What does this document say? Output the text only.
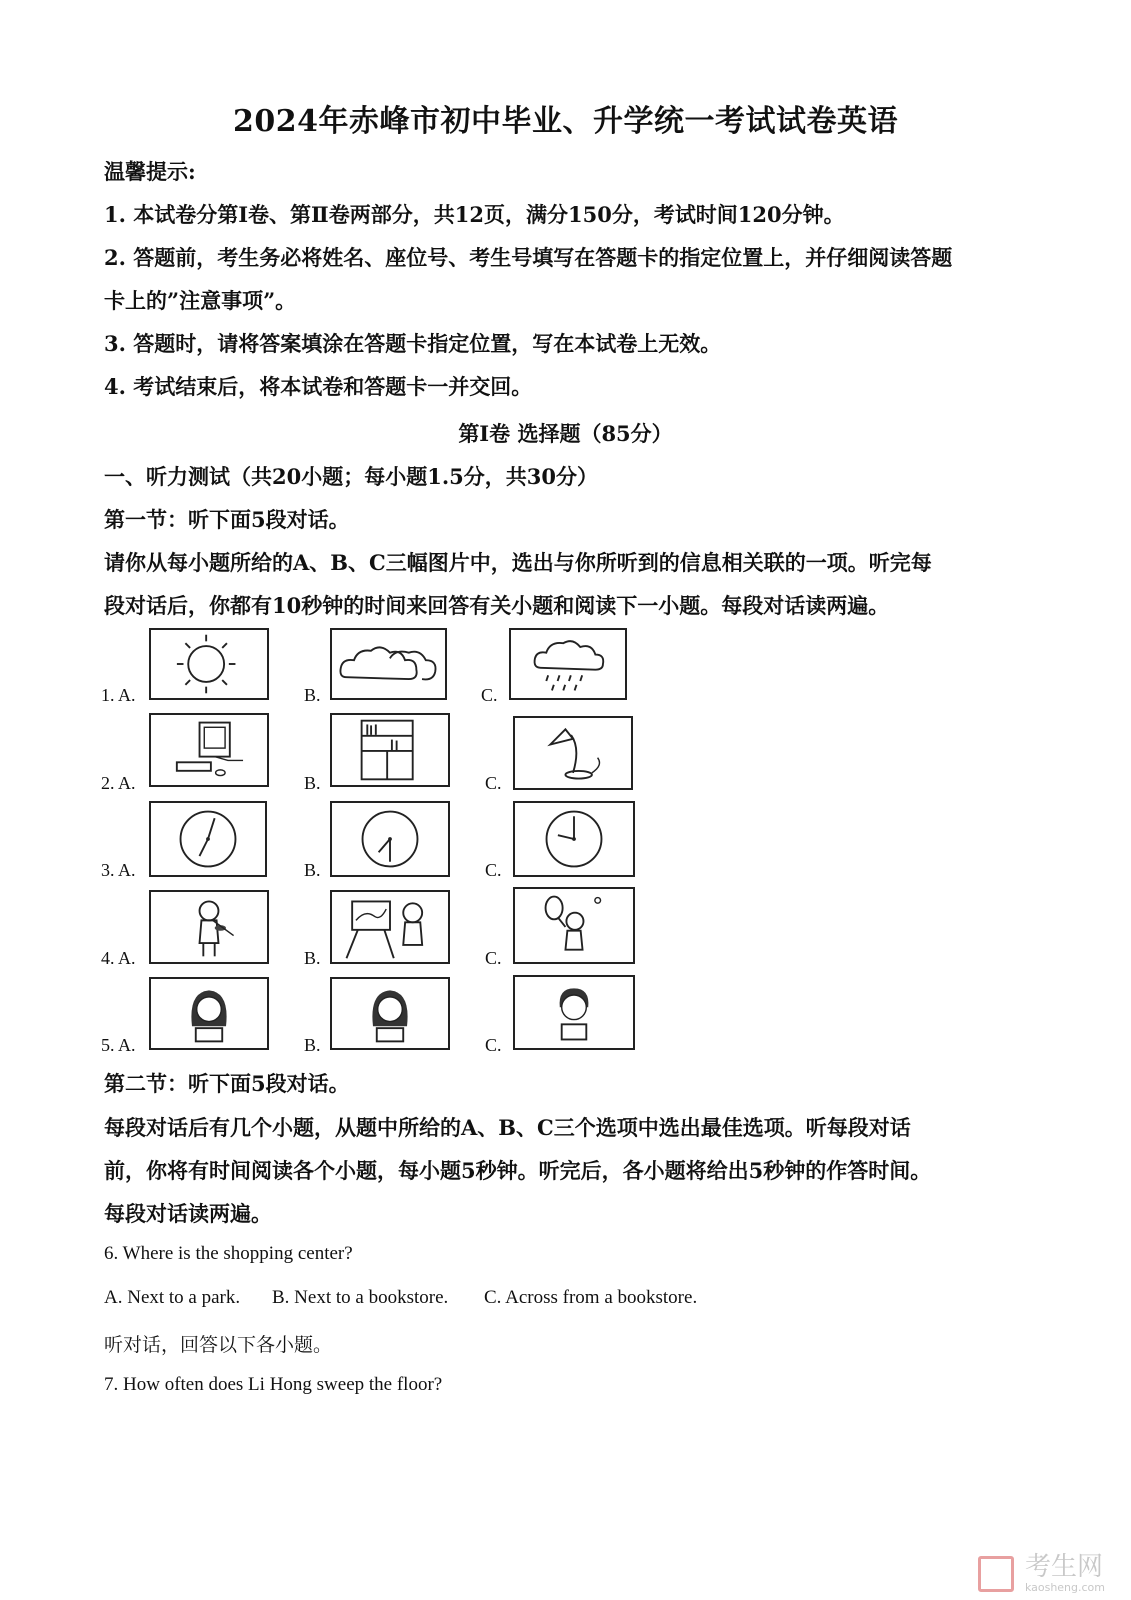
2024年赤峰市初中毕业、升学统一考试试卷英语
温馨提示:
1. 本试卷分第Ⅰ卷、第Ⅱ卷两部分，共12页，满分150分，考试时间120分钟。
2. 答题前，考生务必将姓名、座位号、考生号填写在答题卡的指定位置上，并仔细阅读答题
卡上的”注意事项”。
3. 答题时，请将答案填涂在答题卡指定位置，写在本试卷上无效。
4. 考试结束后，将本试卷和答题卡一并交回。
第Ⅰ卷 选择题（85分）
一、听力测试（共20小题；每小题1.5分，共30分）
第一节：听下面5段对话。
请你从每小题所给的A、B、C三幅图片中，选出与你所听到的信息相关联的一项。听完每
段对话后，你都有10秒钟的时间来回答有关小题和阅读下一小题。每段对话读两遍。
1. A.	B.	C.
2. A.	B.	C.
3. A.	B.	C.
4. A.	B.	C.
5. A.	B.	C.
第二节：听下面5段对话。
每段对话后有几个小题，从题中所给的A、B、C三个选项中选出最佳选项。听每段对话
前，你将有时间阅读各个小题，每小题5秒钟。听完后，各小题将给出5秒钟的作答时间。
每段对话读两遍。
6. Where is the shopping center?
A. Next to a park. B. Next to a bookstore. C. Across from a bookstore.
听对话，回答以下各小题。
7. How often does Li Hong sweep the floor?

考生网
kaosheng.com
